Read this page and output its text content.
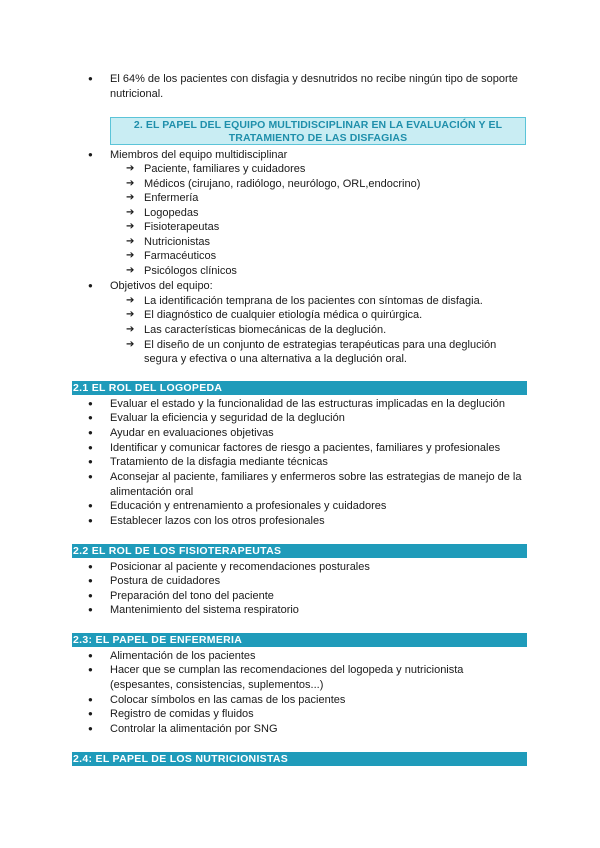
● El 64% de los pacientes con disfagia y desnutridos no recibe ningún tipo de soporte nutricional.
2. EL PAPEL DEL EQUIPO MULTIDISCIPLINAR EN LA EVALUACIÓN Y EL
TRATAMIENTO DE LAS DISFAGIAS
● Miembros del equipo multidisciplinar
➔ Paciente, familiares y cuidadores
➔ Médicos (cirujano, radiólogo, neurólogo, ORL,endocrino)
➔ Enfermería
➔ Logopedas
➔ Fisioterapeutas
➔ Nutricionistas
➔ Farmacéuticos
➔ Psicólogos clínicos
● Objetivos del equipo:
➔ La identificación temprana de los pacientes con síntomas de disfagia.
➔ El diagnóstico de cualquier etiología médica o quirúrgica.
➔ Las características biomecánicas de la deglución.
➔ El diseño de un conjunto de estrategias terapéuticas para una deglución
segura y efectiva o una alternativa a la deglución oral.
2.1 EL ROL DEL LOGOPEDA
● Evaluar el estado y la funcionalidad de las estructuras implicadas en la deglución
● Evaluar la eficiencia y seguridad de la deglución
● Ayudar en evaluaciones objetivas
● Identificar y comunicar factores de riesgo a pacientes, familiares y profesionales
● Tratamiento de la disfagia mediante técnicas
● Aconsejar al paciente, familiares y enfermeros sobre las estrategias de manejo de la
alimentación oral
● Educación y entrenamiento a profesionales y cuidadores
● Establecer lazos con los otros profesionales
2.2 EL ROL DE LOS FISIOTERAPEUTAS
● Posicionar al paciente y recomendaciones posturales
● Postura de cuidadores
● Preparación del tono del paciente
● Mantenimiento del sistema respiratorio
2.3: EL PAPEL DE ENFERMERIA
● Alimentación de los pacientes
● Hacer que se cumplan las recomendaciones del logopeda y nutricionista
(espesantes, consistencias, suplementos...)
● Colocar símbolos en las camas de los pacientes
● Registro de comidas y fluidos
● Controlar la alimentación por SNG
2.4: EL PAPEL DE LOS NUTRICIONISTAS
